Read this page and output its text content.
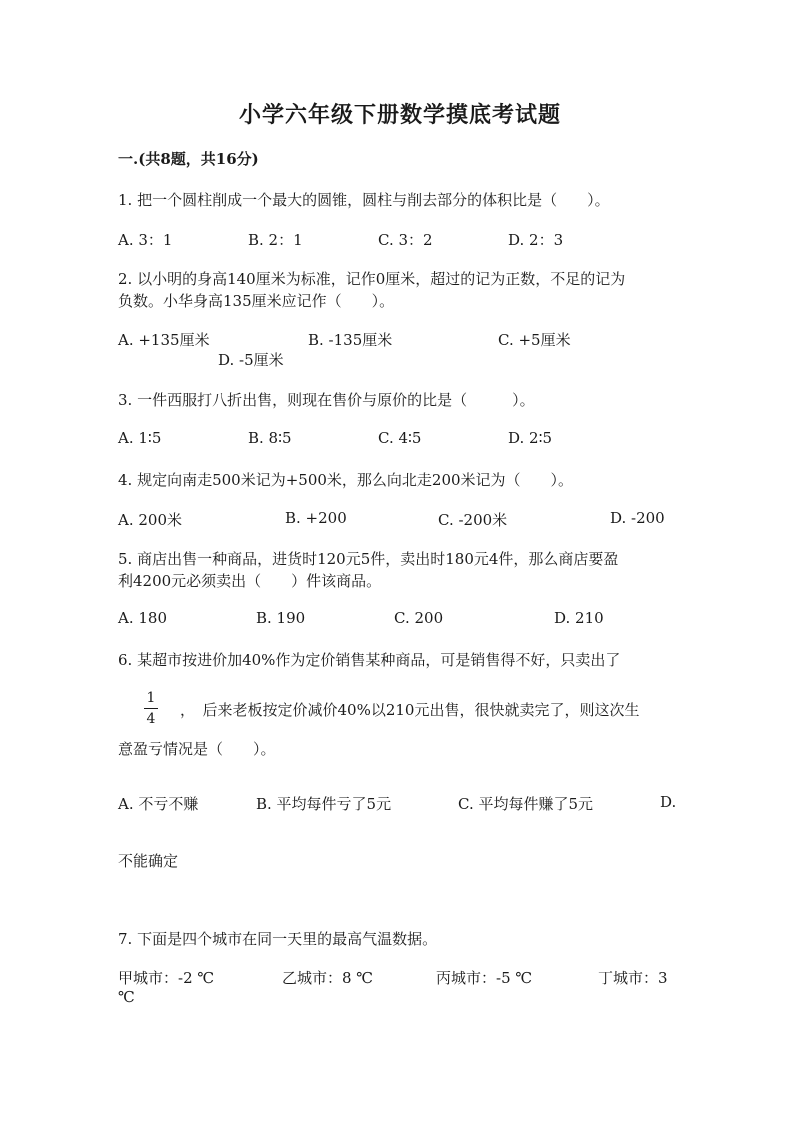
小学六年级下册数学摸底考试题
一.(共8题，共16分)
1. 把一个圆柱削成一个最大的圆锥，圆柱与削去部分的体积比是（　　）。
A. 3：1	B. 2：1	C. 3：2	D. 2：3
2. 以小明的身高140厘米为标准，记作0厘米，超过的记为正数，不足的记为
负数。小华身高135厘米应记作（　　）。
A. +135厘米	B. -135厘米	C. +5厘米
D. -5厘米
3. 一件西服打八折出售，则现在售价与原价的比是（　　　）。
A. 1∶5	B. 8∶5	C. 4∶5	D. 2∶5
4. 规定向南走500米记为+500米，那么向北走200米记为（　　）。
A. 200米	B. +200	C. -200米	D. -200
5. 商店出售一种商品，进货时120元5件，卖出时180元4件，那么商店要盈
利4200元必须卖出（　　）件该商品。
A. 180	B. 190	C. 200	D. 210
6. 某超市按进价加40%作为定价销售某种商品，可是销售得不好，只卖出了
1
4 ，　后来老板按定价减价40%以210元出售，很快就卖完了，则这次生
意盈亏情况是（　　）。
A. 不亏不赚	B. 平均每件亏了5元	C. 平均每件赚了5元	D.
不能确定
7. 下面是四个城市在同一天里的最高气温数据。
甲城市：-2 ℃	乙城市：8 ℃	丙城市：-5 ℃	丁城市：3
℃
